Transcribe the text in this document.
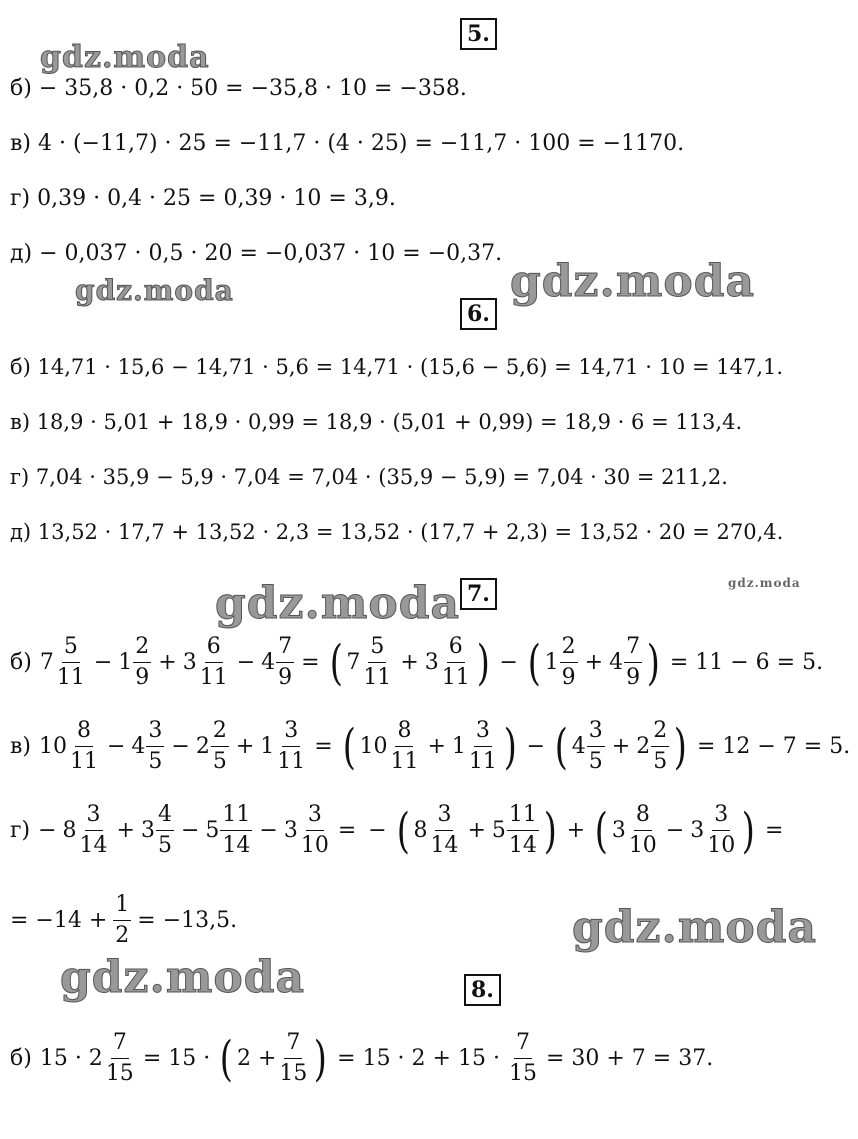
gdz.moda
gdz.moda	gdz.moda
gdz.moda	gdz.moda
gdz.moda
gdz.moda
5.
б) − 35,8 · 0,2 · 50 = −35,8 · 10 = −358.
в) 4 · (−11,7) · 25 = −11,7 · (4 · 25) = −11,7 · 100 = −1170.
г) 0,39 · 0,4 · 25 = 0,39 · 10 = 3,9.
д) − 0,037 · 0,5 · 20 = −0,037 · 10 = −0,37.
6.
б) 14,71 · 15,6 − 14,71 · 5,6 = 14,71 · (15,6 − 5,6) = 14,71 · 10 = 147,1.
в) 18,9 · 5,01 + 18,9 · 0,99 = 18,9 · (5,01 + 0,99) = 18,9 · 6 = 113,4.
г) 7,04 · 35,9 − 5,9 · 7,04 = 7,04 · (35,9 − 5,9) = 7,04 · 30 = 211,2.
д) 13,52 · 17,7 + 13,52 · 2,3 = 13,52 · (17,7 + 2,3) = 13,52 · 20 = 270,4.
7.
б) $7 \frac{5}{11} - 1 \frac{2}{9} + 3 \frac{6}{11} - 4 \frac{7}{9}$ = ( $7 \frac{5}{11} + 3 \frac{6}{11}$ ) − ( $1 \frac{2}{9} + 4 \frac{7}{9}$ ) = 11 − 6 = 5.
в) $10 \frac{8}{11} - 4 \frac{3}{5} - 2 \frac{2}{5} + 1 \frac{3}{11}$ = ( $10 \frac{8}{11} + 1 \frac{3}{11}$ ) − ( $4 \frac{3}{5} + 2 \frac{2}{5}$ ) = 12 − 7 = 5.
$г) - 8 \frac{3}{14} + 3 \frac{4}{5} - 5 \frac{11}{14} - 3 \frac{3}{10}$ = − ( $8 \frac{3}{14} + 5 \frac{11}{14}$ ) + ( $3 \frac{8}{10} - 3 \frac{3}{10}$ ) =
= $-14 + \frac{1}{2} = -13,5$.
8.
б) $15 \cdot 2 \frac{7}{15} = 15$ · ( $2 + \frac{7}{15}$ ) = $15 \cdot 2 + 15 \cdot \frac{7}{15} = 30 + 7 = 37$.
